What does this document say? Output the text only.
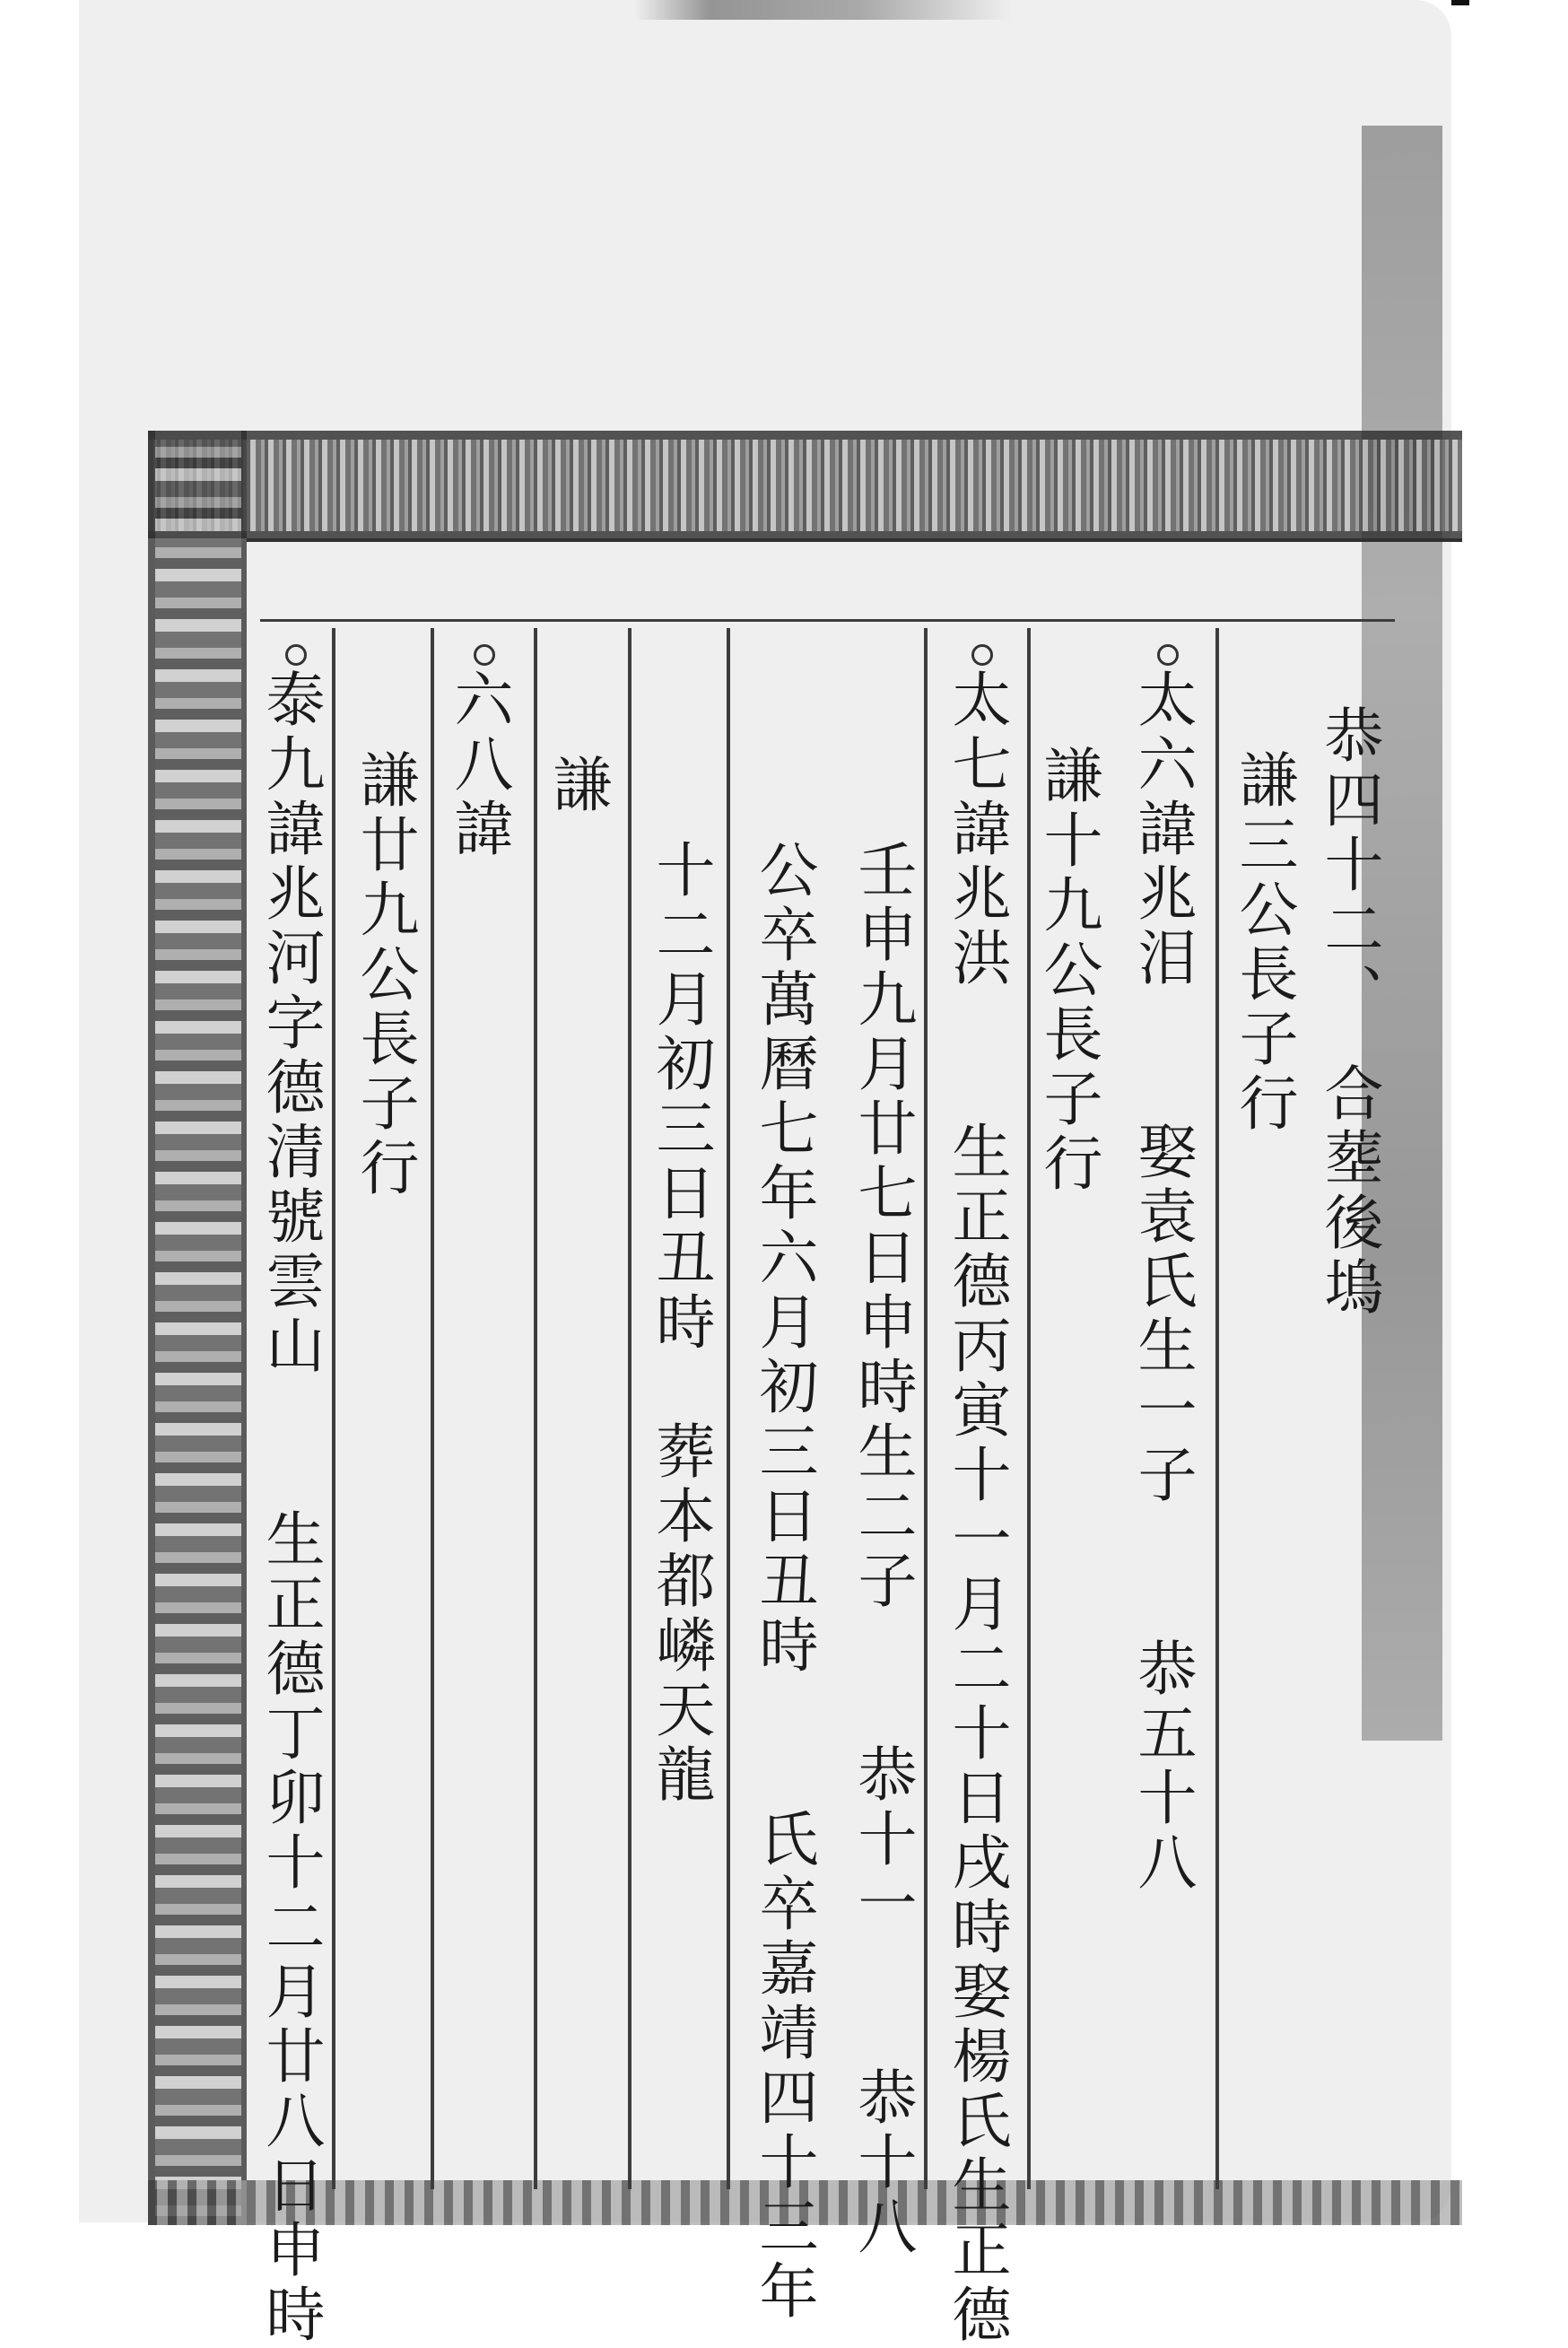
恭四十二、　合塟後塢
謙三公長子行
太六諱兆泪　　娶袁氏生一子　　恭五十八
謙十九公長子行
太七諱兆洪　　生正德丙寅十一月二十日戌時娶楊氏生正德
壬申九月廿七日申時生二子　　恭十一　　恭十八
公卒萬曆七年六月初三日丑時　　氏卒嘉靖四十三年
十二月初三日丑時　葬本都嶙天龍
謙
六八諱
謙廿九公長子行
泰九諱兆河字德清號雲山　　生正德丁卯十二月廿八日申時
